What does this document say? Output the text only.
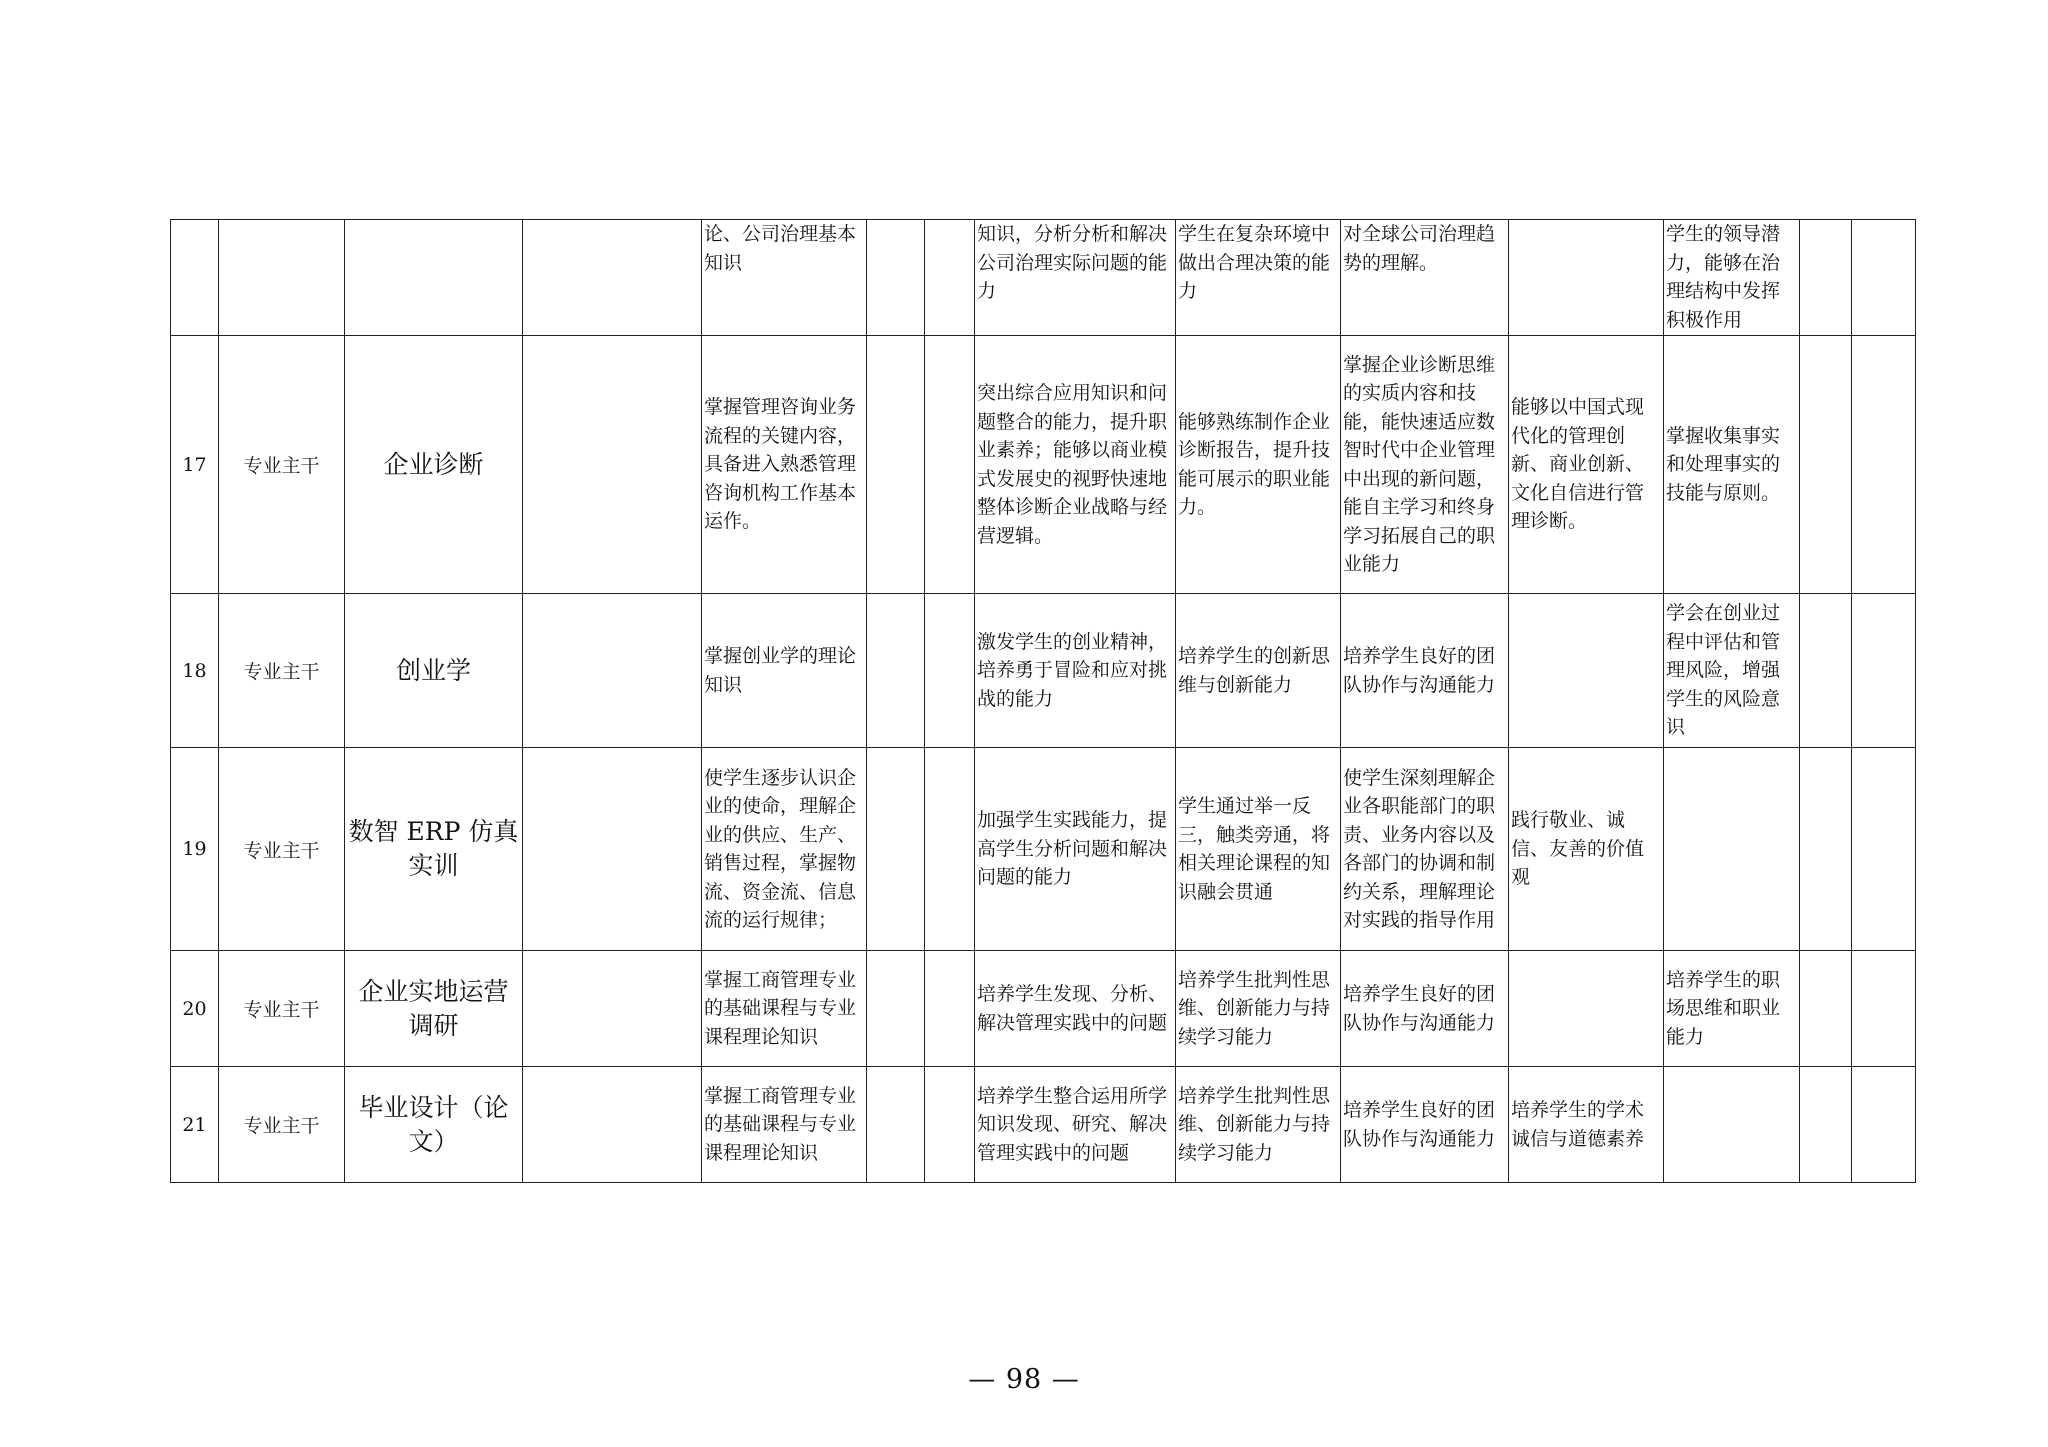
				论、公司治理基本知识			知识，分析分析和解决公司治理实际问题的能力	学生在复杂环境中做出合理决策的能力	对全球公司治理趋势的理解。		学生的领导潜力，能够在治理结构中发挥积极作用		
17	专业主干	企业诊断		掌握管理咨询业务流程的关键内容，具备进入熟悉管理咨询机构工作基本运作。			突出综合应用知识和问题整合的能力，提升职业素养；能够以商业模式发展史的视野快速地整体诊断企业战略与经营逻辑。	能够熟练制作企业诊断报告，提升技能可展示的职业能力。	掌握企业诊断思维的实质内容和技能，能快速适应数智时代中企业管理中出现的新问题，能自主学习和终身学习拓展自己的职业能力	能够以中国式现代化的管理创新、商业创新、文化自信进行管理诊断。	掌握收集事实和处理事实的技能与原则。		
18	专业主干	创业学		掌握创业学的理论知识			激发学生的创业精神，培养勇于冒险和应对挑战的能力	培养学生的创新思维与创新能力	培养学生良好的团队协作与沟通能力		学会在创业过程中评估和管理风险，增强学生的风险意识		
19	专业主干	数智 ERP 仿真实训		使学生逐步认识企业的使命，理解企业的供应、生产、销售过程，掌握物流、资金流、信息流的运行规律；			加强学生实践能力，提高学生分析问题和解决问题的能力	学生通过举一反三，触类旁通，将相关理论课程的知识融会贯通	使学生深刻理解企业各职能部门的职责、业务内容以及各部门的协调和制约关系，理解理论对实践的指导作用	践行敬业、诚信、友善的价值观			
20	专业主干	企业实地运营调研		掌握工商管理专业的基础课程与专业课程理论知识			培养学生发现、分析、解决管理实践中的问题	培养学生批判性思维、创新能力与持续学习能力	培养学生良好的团队协作与沟通能力		培养学生的职场思维和职业能力		
21	专业主干	毕业设计（论文）		掌握工商管理专业的基础课程与专业课程理论知识			培养学生整合运用所学知识发现、研究、解决管理实践中的问题	培养学生批判性思维、创新能力与持续学习能力	培养学生良好的团队协作与沟通能力	培养学生的学术诚信与道德素养			
— 98 —
